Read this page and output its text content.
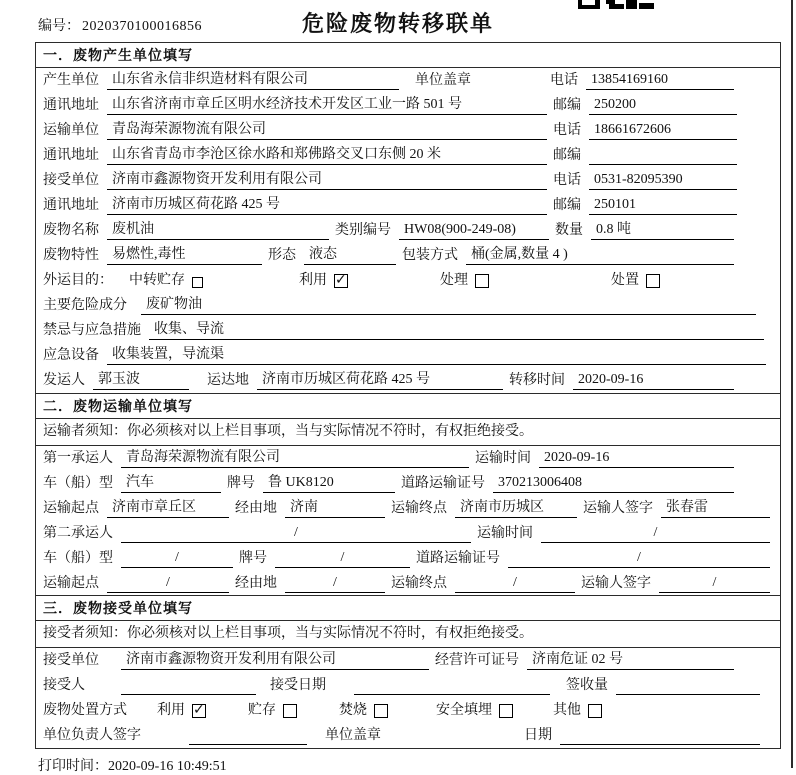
编号： 2020370100016856	危险废物转移联单
一．废物产生单位填写
产生单位 山东省永信非织造材料有限公司	单位盖章	电话 13854169160
通讯地址 山东省济南市章丘区明水经济技术开发区工业一路 501 号	邮编 250200
运输单位 青岛海荣源物流有限公司	电话 18661672606
通讯地址 山东省青岛市李沧区徐水路和郑佛路交叉口东侧 20 米	邮编
接受单位 济南市鑫源物资开发利用有限公司	电话 0531-82095390
通讯地址 济南市历城区荷花路 425 号	邮编 250101
废物名称 废机油	类别编号 HW08(900-249-08)	数量 0.8 吨
废物特性 易燃性,毒性	形态 液态	包装方式 桶(金属,数量 4 )
外运目的： 中转贮存	利用 ✓	处理	处置
主要危险成分	废矿物油
禁忌与应急措施 收集、导流
应急设备 收集装置，导流渠
发运人 郭玉波	运达地 济南市历城区荷花路 425 号	转移时间 2020-09-16
二．废物运输单位填写
运输者须知：你必须核对以上栏目事项，当与实际情况不符时，有权拒绝接受。
第一承运人 青岛海荣源物流有限公司	运输时间 2020-09-16
车（船）型 汽车	牌号 鲁 UK8120	道路运输证号 370213006408
运输起点 济南市章丘区	经由地 济南	运输终点 济南市历城区	运输人签字 张春雷
第二承运人	/	运输时间	/
车（船）型	/	牌号	/	道路运输证号	/
运输起点	/	经由地	/	运输终点	/	运输人签字	/
三．废物接受单位填写
接受者须知：你必须核对以上栏目事项，当与实际情况不符时，有权拒绝接受。
接受单位	济南市鑫源物资开发利用有限公司	经营许可证号 济南危证 02 号
接受人	接受日期	签收量
废物处置方式 利用 ✓	贮存	焚烧	安全填埋	其他
单位负责人签字	单位盖章	日期
打印时间：2020-09-16 10:49:51
